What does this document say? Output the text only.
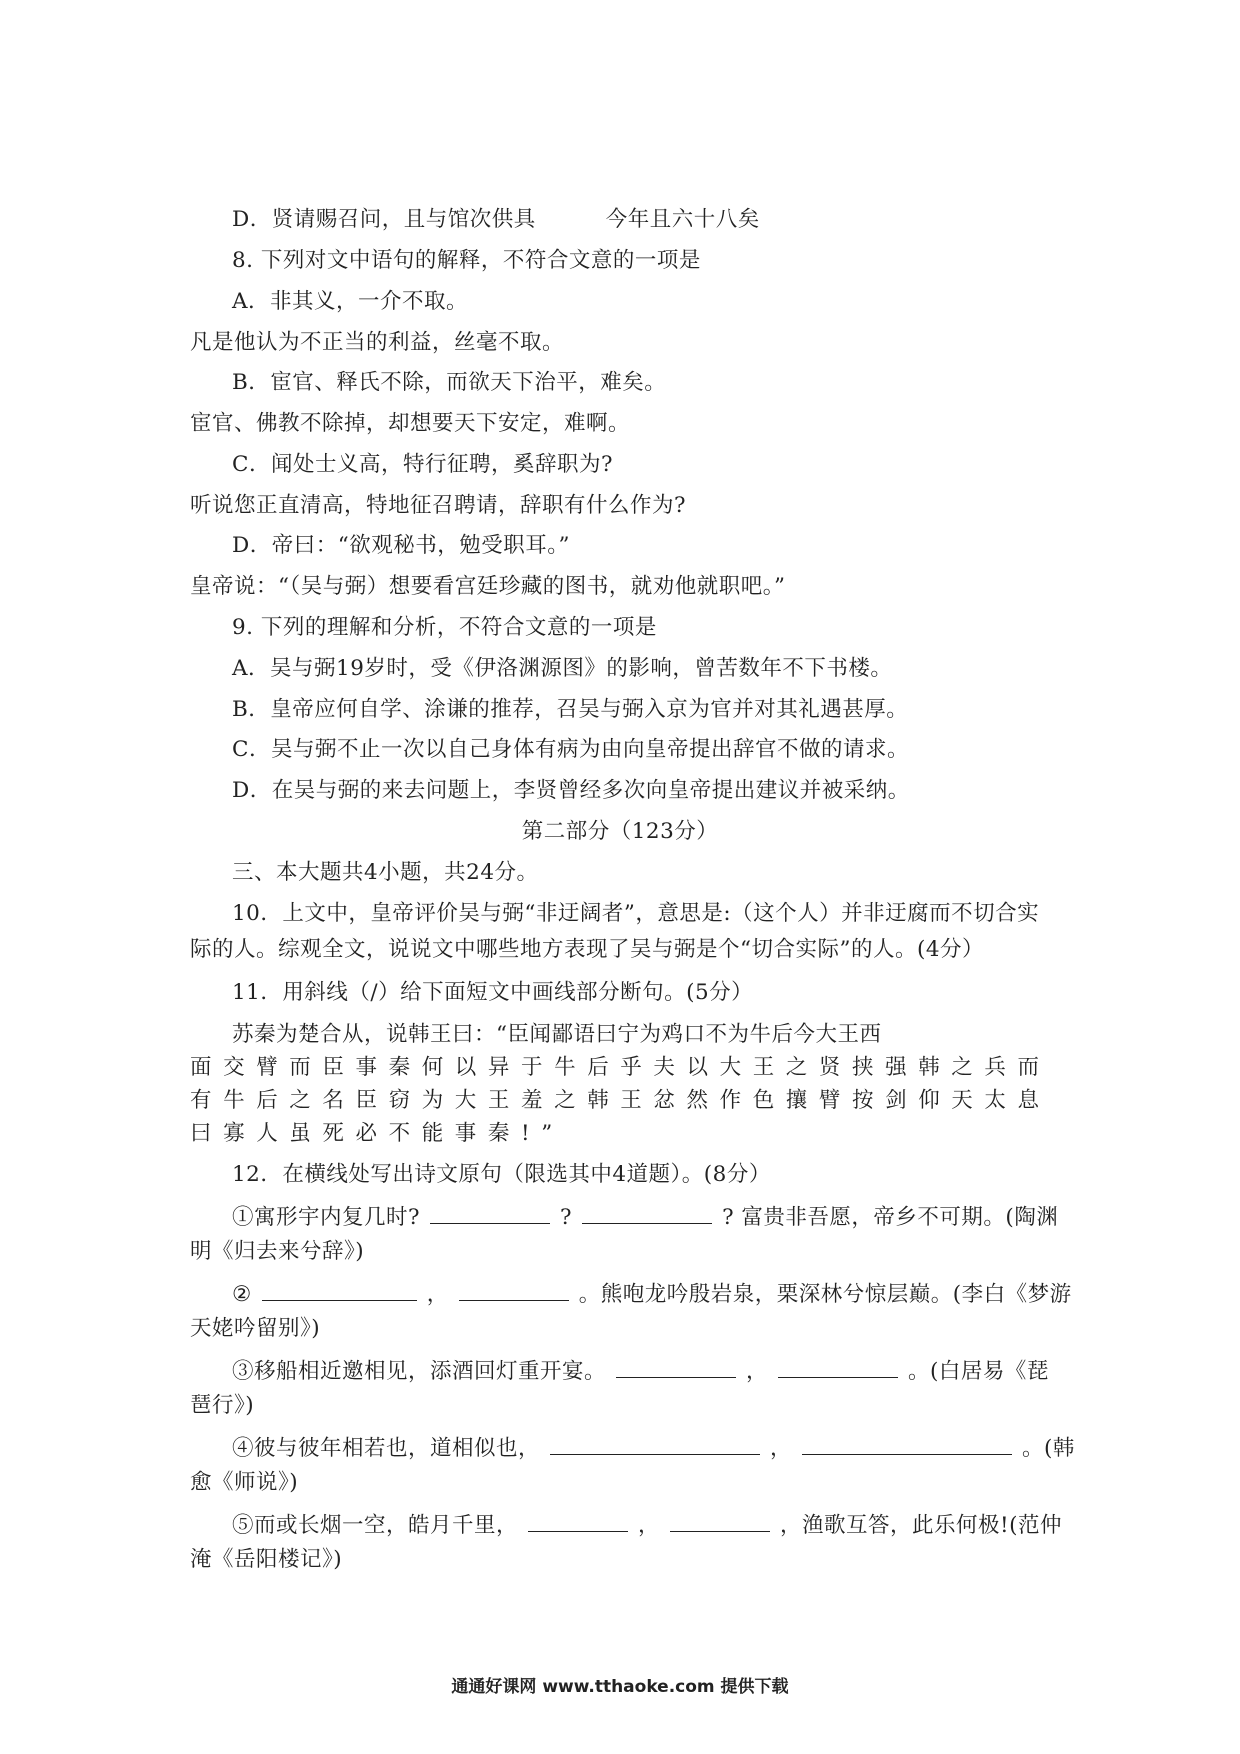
D．贤请赐召问，且与馆次供具	今年且六十八矣
8. 下列对文中语句的解释，不符合文意的一项是
A．非其义，一介不取。
凡是他认为不正当的利益，丝毫不取。
B．宦官、释氏不除，而欲天下治平，难矣。
宦官、佛教不除掉，却想要天下安定，难啊。
C．闻处士义高，特行征聘，奚辞职为?
听说您正直清高，特地征召聘请，辞职有什么作为?
D．帝曰：“欲观秘书，勉受职耳。”
皇帝说：“（吴与弼）想要看宫廷珍藏的图书，就劝他就职吧。”
9. 下列的理解和分析，不符合文意的一项是
A．吴与弼19岁时，受《伊洛渊源图》的影响，曾苦数年不下书楼。
B．皇帝应何自学、涂谦的推荐，召吴与弼入京为官并对其礼遇甚厚。
C．吴与弼不止一次以自己身体有病为由向皇帝提出辞官不做的请求。
D．在吴与弼的来去问题上，李贤曾经多次向皇帝提出建议并被采纳。
第二部分（123分）
三、本大题共4小题，共24分。
10．上文中，皇帝评价吴与弼“非迂阔者”，意思是:（这个人）并非迂腐而不切合实
际的人。综观全文，说说文中哪些地方表现了吴与弼是个“切合实际”的人。(4分）
11．用斜线（/）给下面短文中画线部分断句。(5分）
苏秦为楚合从，说韩王曰：“臣闻鄙语曰宁为鸡口不为牛后今大王西
面交臂而臣事秦何以异于牛后乎夫以大王之贤挟强韩之兵而
有牛后之名臣窃为大王羞之韩王忿然作色攘臂按剑仰天太息
曰寡人虽死必不能事秦!”
12．在横线处写出诗文原句（限选其中4道题）。(8分）
①寓形宇内复几时?	?	? 富贵非吾愿，帝乡不可期。(陶渊
明《归去来兮辞》)
②	，	。熊咆龙吟殷岩泉，栗深林兮惊层巅。(李白《梦游
天姥吟留别》)
③移船相近邀相见，添酒回灯重开宴。	，	。(白居易《琵
琶行》)
④彼与彼年相若也，道相似也，	，	。(韩
愈《师说》)
⑤而或长烟一空，皓月千里，	，	，渔歌互答，此乐何极!(范仲
淹《岳阳楼记》)
通通好课网 www.tthaoke.com 提供下载
